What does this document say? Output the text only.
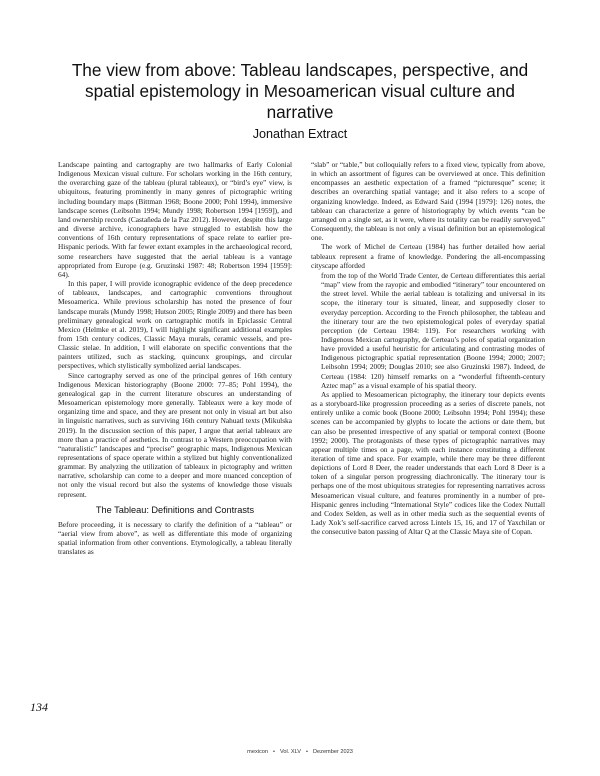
The view from above: Tableau landscapes, perspective, and spatial epistemology in Mesoamerican visual culture and narrative

Jonathan Extract

Landscape painting and cartography are two hallmarks of Early Colonial Indigenous Mexican visual culture. For scholars working in the 16th century, the overarching gaze of the tableau (plural tableaux), or “bird’s eye” view, is ubiquitous, featuring prominently in many genres of pictographic writing including boundary maps (Bittman 1968; Boone 2000; Pohl 1994), immersive landscape scenes (Leibsohn 1994; Mundy 1998; Robertson 1994 [1959]), and land ownership records (Castañeda de la Paz 2012). However, despite this large and diverse archive, iconographers have struggled to establish how the conventions of 16th century representations of space relate to earlier pre-Hispanic periods. With far fewer extant examples in the archaeological record, some researchers have suggested that the aerial tableau is a vantage appropriated from Europe (e.g. Gruzinski 1987: 48; Robertson 1994 [1959]: 64).

In this paper, I will provide iconographic evidence of the deep precedence of tableaux, landscapes, and cartographic conventions throughout Mesoamerica. While previous scholarship has noted the presence of four landscape murals (Mundy 1998; Hutson 2005; Ringle 2009) and there has been preliminary genealogical work on cartographic motifs in Epiclassic Central Mexico (Helmke et al. 2019), I will highlight significant additional examples from 15th century codices, Classic Maya murals, ceramic vessels, and pre-Classic stelae. In addition, I will elaborate on specific conventions that the painters utilized, such as stacking, quincunx groupings, and circular perspectives, which stylistically symbolized aerial landscapes.

Since cartography served as one of the principal genres of 16th century Indigenous Mexican historiography (Boone 2000: 77–85; Pohl 1994), the genealogical gap in the current literature obscures an understanding of Mesoamerican epistemology more generally. Tableaux were a key mode of organizing time and space, and they are present not only in visual art but also in linguistic narratives, such as surviving 16th century Nahuatl texts (Mikulska 2019). In the discussion section of this paper, I argue that aerial tableaux are more than a practice of aesthetics. In contrast to a Western preoccupation with “naturalistic” landscapes and “precise” geographic maps, Indigenous Mexican representations of space operate within a stylized but highly conventionalized grammar. By analyzing the utilization of tableaux in pictography and written narrative, scholarship can come to a deeper and more nuanced conception of not only the visual record but also the systems of knowledge those visuals represent.

The Tableau: Definitions and Contrasts

Before proceeding, it is necessary to clarify the definition of a “tableau” or “aerial view from above”, as well as differentiate this mode of organizing spatial information from other conventions. Etymologically, a tableau literally translates as

“slab” or “table,” but colloquially refers to a fixed view, typically from above, in which an assortment of figures can be overviewed at once. This definition encompasses an aesthetic expectation of a framed “picturesque” scene; it describes an overarching spatial vantage; and it also refers to a scope of organizing knowledge. Indeed, as Edward Said (1994 [1979]: 126) notes, the tableau can characterize a genre of historiography by which events “can be arranged on a single set, as it were, where its totality can be readily surveyed.” Consequently, the tableau is not only a visual definition but an epistemological one.

The work of Michel de Certeau (1984) has further detailed how aerial tableaux represent a frame of knowledge. Pondering the all-encompassing cityscape afforded

from the top of the World Trade Center, de Certeau differentiates this aerial “map” view from the rayopic and embodied “itinerary” tour encountered on the street level. While the aerial tableau is totalizing and universal in its scope, the itinerary tour is situated, linear, and supposedly closer to everyday perception. According to the French philosopher, the tableau and the itinerary tour are the two epistemological poles of everyday spatial perception (de Certeau 1984: 119). For researchers working with Indigenous Mexican cartography, de Certeau’s poles of spatial organization have provided a useful heuristic for articulating and contrasting modes of Indigenous pictographic spatial representation (Boone 1994; 2000; 2007; Leibsohn 1994; 2009; Douglas 2010; see also Gruzinski 1987). Indeed, de Certeau (1984: 120) himself remarks on a “wonderful fifteenth-century Aztec map” as a visual example of his spatial theory.

As applied to Mesoamerican pictography, the itinerary tour depicts events as a storyboard-like progression proceeding as a series of discrete panels, not entirely unlike a comic book (Boone 2000; Leibsohn 1994; Pohl 1994); these scenes can be accompanied by glyphs to locate the actions or date them, but can also be presented irrespective of any spatial or temporal context (Boone 1992; 2000). The protagonists of these types of pictographic narratives may appear multiple times on a page, with each instance constituting a different iteration of time and space. For example, while there may be three different depictions of Lord 8 Deer, the reader understands that each Lord 8 Deer is a token of a singular person progressing diachronically. The itinerary tour is perhaps one of the most ubiquitous strategies for representing narratives across Mesoamerican visual culture, and features prominently in a number of pre-Hispanic genres including “International Style” codices like the Codex Nuttall and Codex Selden, as well as in other media such as the sequential events of Lady Xok’s self-sacrifice carved across Lintels 15, 16, and 17 of Yaxchilan or the consecutive baton passing of Altar Q at the Classic Maya site of Copan.

134

mexicon • Vol. XLV • Dezember 2023
